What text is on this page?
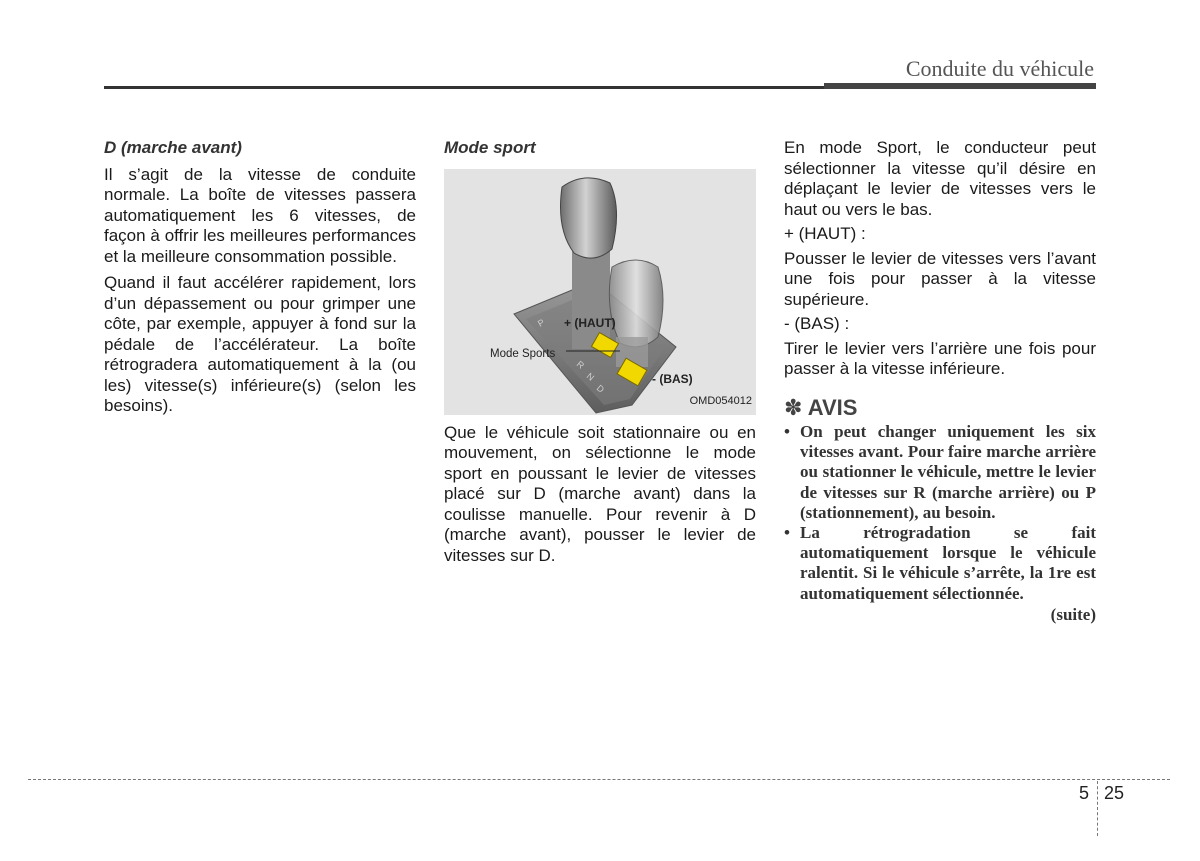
Conduite du véhicule
D (marche avant)

Il s’agit de la vitesse de conduite normale. La boîte de vitesses passera automatiquement les 6 vitesses, de façon à offrir les meilleures performances et la meilleure consommation possible.

Quand il faut accélérer rapidement, lors d’un dépassement ou pour grimper une côte, par exemple, appuyer à fond sur la pédale de l’accélérateur. La boîte rétrogradera automatiquement à la (ou les) vitesse(s) inférieure(s) (selon les besoins).

Mode sport
P
R
N
D
+ (HAUT)
- (BAS)
Mode Sports
OMD054012

Que le véhicule soit stationnaire ou en mouvement, on sélectionne le mode sport en poussant le levier de vitesses placé sur D (marche avant) dans la coulisse manuelle. Pour revenir à D (marche avant), pousser le levier de vitesses sur D.

En mode Sport, le conducteur peut sélectionner la vitesse qu’il désire en déplaçant le levier de vitesses vers le haut ou vers le bas.

+ (HAUT) :

Pousser le levier de vitesses vers l’avant une fois pour passer à la vitesse supérieure.

- (BAS) :

Tirer le levier vers l’arrière une fois pour passer à la vitesse inférieure.

✽ AVIS
• On peut changer uniquement les six vitesses avant. Pour faire marche arrière ou stationner le véhicule, mettre le levier de vitesses sur R (marche arrière) ou P (stationnement), au besoin.
• La rétrogradation se fait automatiquement lorsque le véhicule ralentit. Si le véhicule s’arrête, la 1re est automatiquement sélectionnée.
(suite)
5 25
